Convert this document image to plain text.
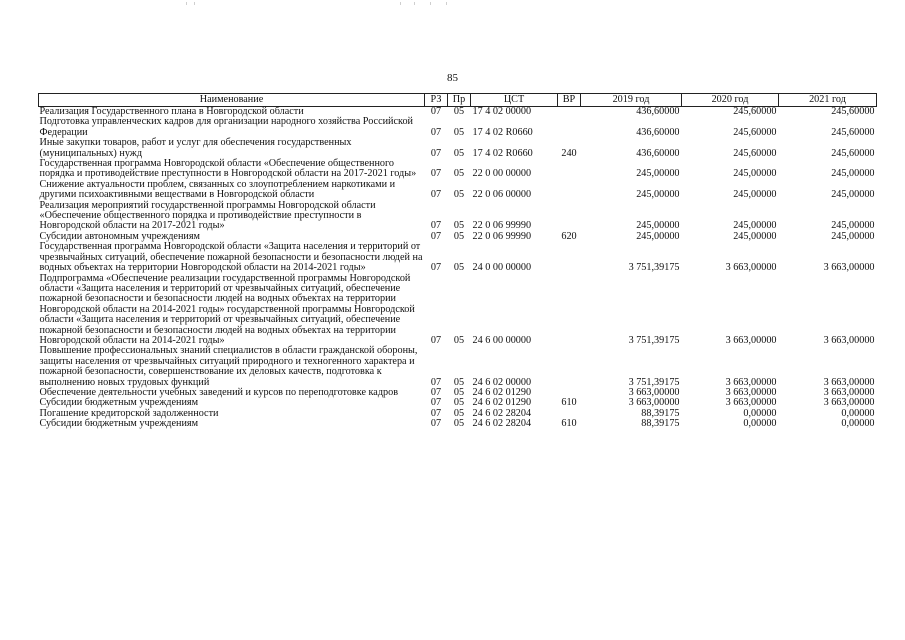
85
Наименование	РЗ	Пр	ЦСТ	ВР	2019 год	2020 год	2021 год
Реализация Государственного плана в Новгородской области	07	05	17 4 02 00000		436,60000	245,60000	245,60000
Подготовка управленческих кадров для организации народного хозяйства Российской Федерации	07	05	17 4 02 R0660		436,60000	245,60000	245,60000
Иные закупки товаров, работ и услуг для обеспечения государственных (муниципальных) нужд	07	05	17 4 02 R0660	240	436,60000	245,60000	245,60000
Государственная программа Новгородской области «Обеспечение общественного порядка и противодействие преступности в Новгородской области на 2017-2021 годы»	07	05	22 0 00 00000		245,00000	245,00000	245,00000
Снижение актуальности проблем, связанных со злоупотреблением наркотиками и другими психоактивными веществами в Новгородской области	07	05	22 0 06 00000		245,00000	245,00000	245,00000
Реализация мероприятий государственной программы Новгородской области «Обеспечение общественного порядка и противодействие преступности в Новгородской области на 2017-2021 годы»	07	05	22 0 06 99990		245,00000	245,00000	245,00000
Субсидии автономным учреждениям	07	05	22 0 06 99990	620	245,00000	245,00000	245,00000
Государственная программа Новгородской области «Защита населения и территорий от чрезвычайных ситуаций, обеспечение пожарной безопасности и безопасности людей на водных объектах на территории Новгородской области на 2014-2021 годы»	07	05	24 0 00 00000		3 751,39175	3 663,00000	3 663,00000
Подпрограмма «Обеспечение реализации государственной программы Новгородской области «Защита населения и территорий от чрезвычайных ситуаций, обеспечение пожарной безопасности и безопасности людей на водных объектах на территории Новгородской области на 2014-2021 годы» государственной программы Новгородской области «Защита населения и территорий от чрезвычайных ситуаций, обеспечение пожарной безопасности и безопасности людей на водных объектах на территории Новгородской области на 2014-2021 годы»	07	05	24 6 00 00000		3 751,39175	3 663,00000	3 663,00000
Повышение профессиональных знаний специалистов в области гражданской обороны, защиты населения от чрезвычайных ситуаций природного и техногенного характера и пожарной безопасности, совершенствование их деловых качеств, подготовка к выполнению новых трудовых функций	07	05	24 6 02 00000		3 751,39175	3 663,00000	3 663,00000
Обеспечение деятельности учебных заведений и курсов по переподготовке кадров	07	05	24 6 02 01290		3 663,00000	3 663,00000	3 663,00000
Субсидии бюджетным учреждениям	07	05	24 6 02 01290	610	3 663,00000	3 663,00000	3 663,00000
Погашение кредиторской задолженности	07	05	24 6 02 28204		88,39175	0,00000	0,00000
Субсидии бюджетным учреждениям	07	05	24 6 02 28204	610	88,39175	0,00000	0,00000
